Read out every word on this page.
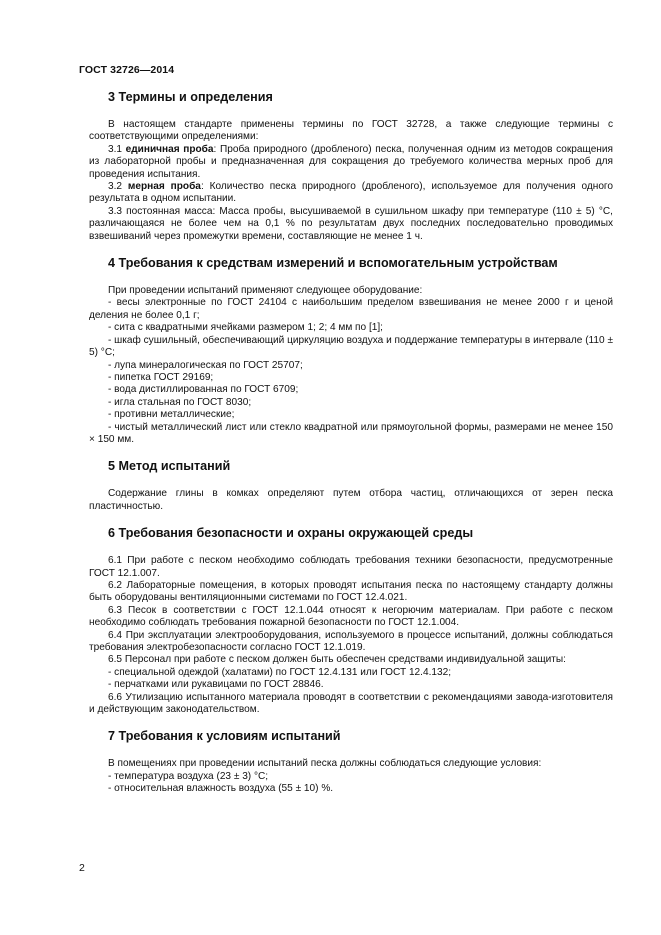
ГОСТ 32726—2014
3 Термины и определения

В настоящем стандарте применены термины по ГОСТ 32728, а также следующие термины с соответствующими определениями:

3.1 единичная проба: Проба природного (дробленого) песка, полученная одним из методов сокращения из лабораторной пробы и предназначенная для сокращения до требуемого количества мерных проб для проведения испытания.

3.2 мерная проба: Количество песка природного (дробленого), используемое для получения одного результата в одном испытании.

3.3 постоянная масса: Масса пробы, высушиваемой в сушильном шкафу при температуре (110 ± 5) °С, различающаяся не более чем на 0,1 % по результатам двух последних последовательно проводимых взвешиваний через промежутки времени, составляющие не менее 1 ч.

4 Требования к средствам измерений и вспомогательным устройствам

При проведении испытаний применяют следующее оборудование:

- весы электронные по ГОСТ 24104 с наибольшим пределом взвешивания не менее 2000 г и ценой деления не более 0,1 г;

- сита с квадратными ячейками размером 1; 2; 4 мм по [1];

- шкаф сушильный, обеспечивающий циркуляцию воздуха и поддержание температуры в интервале (110 ± 5) °С;

- лупа минералогическая по ГОСТ 25707;

- пипетка ГОСТ 29169;

- вода дистиллированная по ГОСТ 6709;

- игла стальная по ГОСТ 8030;

- противни металлические;

- чистый металлический лист или стекло квадратной или прямоугольной формы, размерами не менее 150 × 150 мм.

5 Метод испытаний

Содержание глины в комках определяют путем отбора частиц, отличающихся от зерен песка пластичностью.

6 Требования безопасности и охраны окружающей среды

6.1 При работе с песком необходимо соблюдать требования техники безопасности, предусмотренные ГОСТ 12.1.007.

6.2 Лабораторные помещения, в которых проводят испытания песка по настоящему стандарту должны быть оборудованы вентиляционными системами по ГОСТ 12.4.021.

6.3 Песок в соответствии с ГОСТ 12.1.044 относят к негорючим материалам. При работе с песком необходимо соблюдать требования пожарной безопасности по ГОСТ 12.1.004.

6.4 При эксплуатации электрооборудования, используемого в процессе испытаний, должны соблюдаться требования электробезопасности согласно ГОСТ 12.1.019.

6.5 Персонал при работе с песком должен быть обеспечен средствами индивидуальной защиты:

- специальной одеждой (халатами) по ГОСТ 12.4.131 или ГОСТ 12.4.132;

- перчатками или рукавицами по ГОСТ 28846.

6.6 Утилизацию испытанного материала проводят в соответствии с рекомендациями завода-изготовителя и действующим законодательством.

7 Требования к условиям испытаний

В помещениях при проведении испытаний песка должны соблюдаться следующие условия:

- температура воздуха (23 ± 3) °С;

- относительная влажность воздуха (55 ± 10) %.

2
